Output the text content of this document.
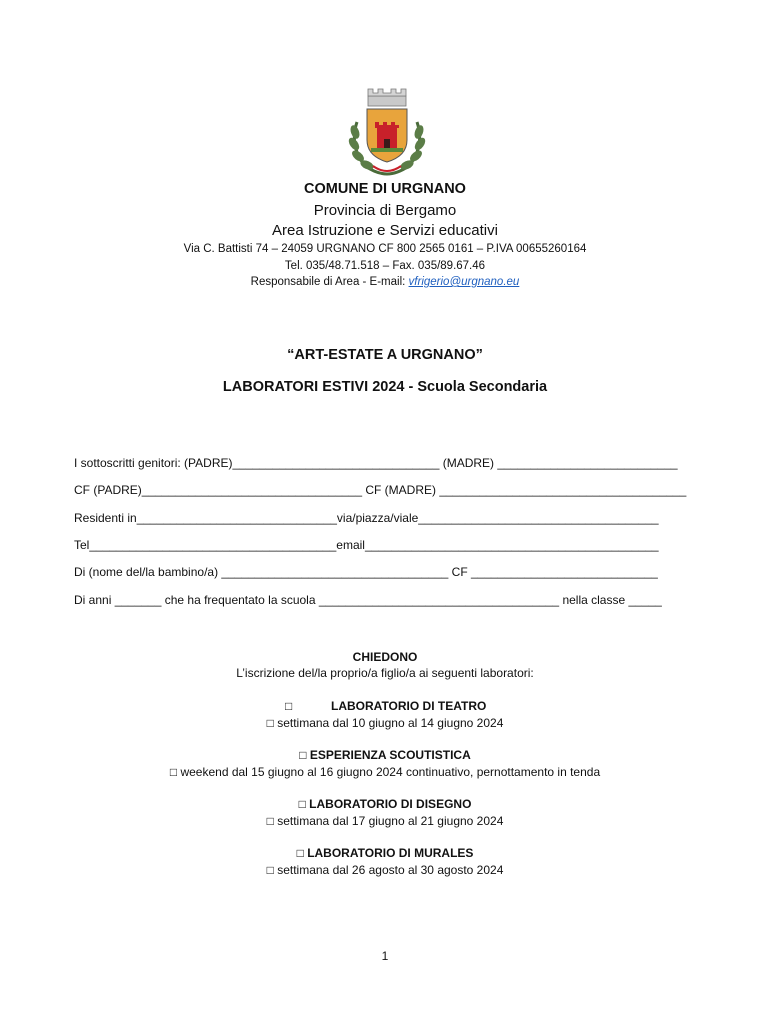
COMUNE DI URGNANO
Provincia di Bergamo
Area Istruzione e Servizi educativi
Via C. Battisti 74 – 24059 URGNANO CF 800 2565 0161 – P.IVA 00655260164
Tel. 035/48.71.518 – Fax. 035/89.67.46
Responsabile di Area - E-mail: vfrigerio@urgnano.eu
“ART-ESTATE A URGNANO”
LABORATORI ESTIVI 2024 - Scuola Secondaria
I sottoscritti genitori: (PADRE)_______________________________ (MADRE) ___________________________
CF (PADRE)_________________________________ CF (MADRE) _____________________________________
Residenti in______________________________via/piazza/viale____________________________________
Tel_____________________________________email____________________________________________
Di (nome del/la bambino/a) __________________________________ CF ____________________________
Di anni _______ che ha frequentato la scuola ____________________________________ nella classe _____
CHIEDONO
L’iscrizione del/la proprio/a figlio/a ai seguenti laboratori:
□	LABORATORIO DI TEATRO
□ settimana dal 10 giugno al 14 giugno 2024
□ ESPERIENZA SCOUTISTICA
□ weekend dal 15 giugno al 16 giugno 2024 continuativo, pernottamento in tenda
□ LABORATORIO DI DISEGNO
□ settimana dal 17 giugno al 21 giugno 2024
□ LABORATORIO DI MURALES
□ settimana dal 26 agosto al 30 agosto 2024
1
